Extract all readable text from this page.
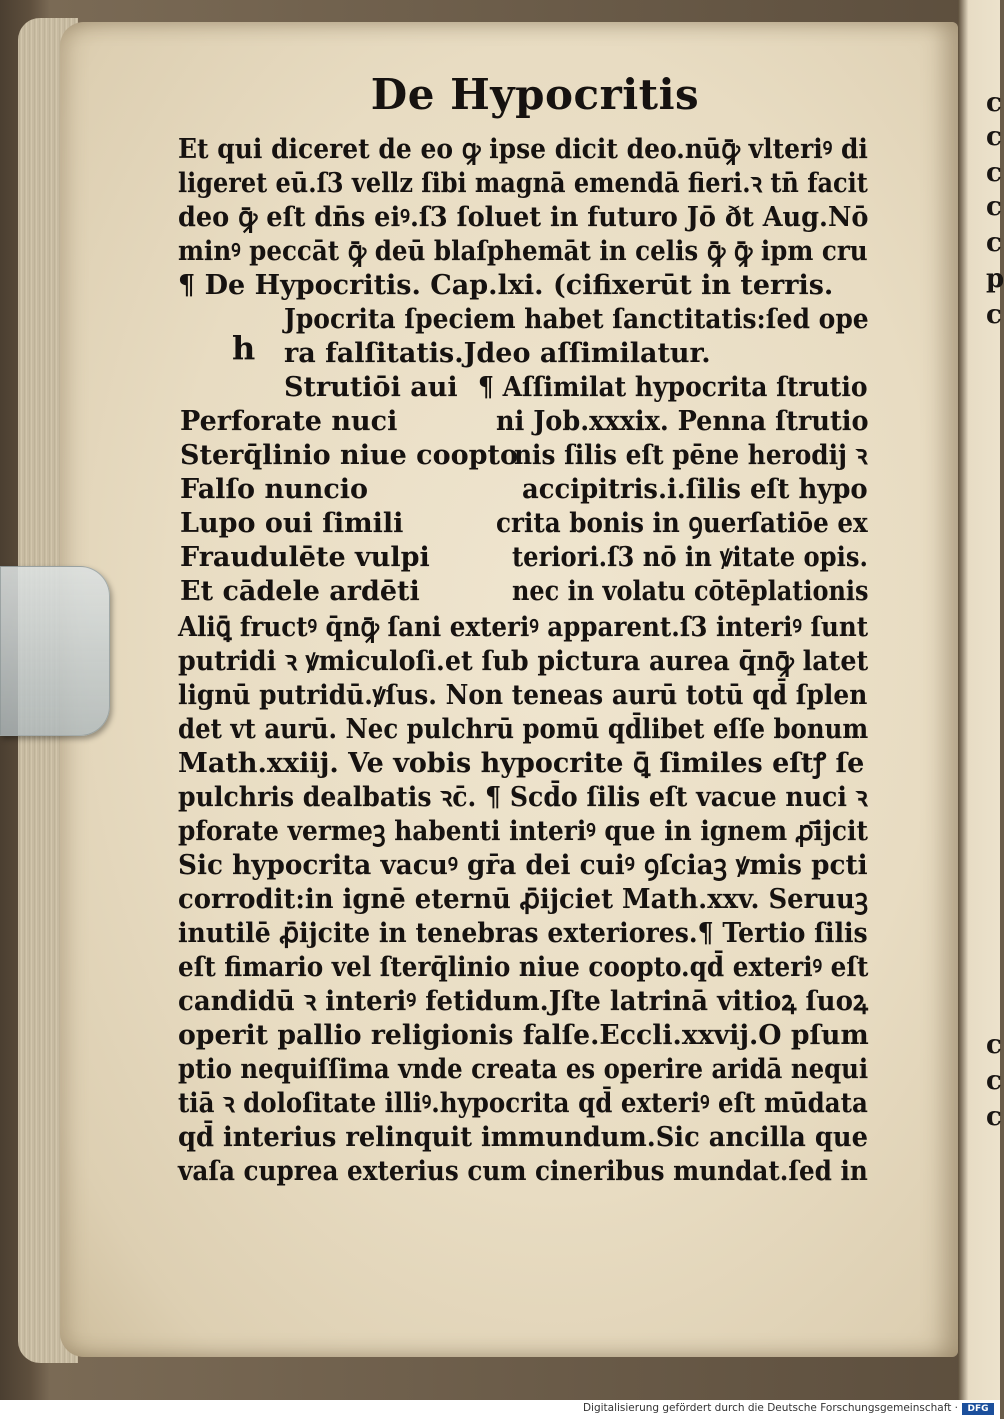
c
c
c
c
c
p
c
c
c
c
De Hypocritis
Et qui diceret de eo ꝙ ipse dicit deo.nūꝙ̄ vlteriꝰ di
ligeret eū.ſ3 vellz ſibi magnā emendā fieri.ꝛ tn̄ facit
deo ꝙ̄ eſt dn̄s eiꝰ.ſ3 ſoluet in futuro Jō ðt Aug.Nō
minꝰ peccāt ꝙ̄ deū blaſphemāt in celis ꝙ̄ ꝙ̄ ipm cru
¶ De Hypocritis. Cap.lxi. (cifixerūt in terris.
Jpocrita ſpeciem habet ſanctitatis:ſed ope
h ra falſitatis.Jdeo aſſimilatur.
Strutiōi aui
Perforate nuci
Sterq̄linio niue coopto
Falſo nuncio
Lupo oui ſimili
Fraudulēte vulpi
Et cādele ardēti
¶ Aſſimilat hypocrita ſtrutio
ni Job.xxxix. Penna ſtrutio
nis ſilis eſt pēne herodij ꝛ
accipitris.i.ſilis eſt hypo
crita bonis in ꝯuerſatiōe ex
teriori.ſ3 nō in ꝟitate opis.
nec in volatu cōtēplationis
Aliꝗ̄ fructꝰ q̄nꝙ̄ ſani exteriꝰ apparent.ſ3 interiꝰ ſunt
putridi ꝛ ꝟmiculoſi.et ſub pictura aurea q̄nꝙ̄ latet
lignū putridū.ꝟſus. Non teneas aurū totū qd̄ ſplen
det vt aurū. Nec pulchrū pomū qd̄libet eſſe bonum
Math.xxiij. Ve vobis hypocrite ꝗ̄ ſimiles eſtꝭ ſe
pulchris dealbatis ꝛc̄. ¶ Scd̄o ſilis eſt vacue nuci ꝛ
pforate vermeꝫ habenti interiꝰ que in ignem ꝓ̄ijcit
Sic hypocrita vacuꝰ gr̄a dei cuiꝰ ꝯſciaꝫ ꝟmis pcti
corrodit:in ignē eternū ꝓ̄ijciet Math.xxv. Seruuꝫ
inutilē ꝓ̄ijcite in tenebras exteriores.¶ Tertio ſilis
eſt fimario vel ſterq̄linio niue coopto.qd̄ exteriꝰ eſt
candidū ꝛ interiꝰ fetidum.Jſte latrinā vitioꝝ ſuoꝝ
operit pallio religionis falſe.Eccli.xxvij.O pſum
ptio nequiſſima vnde creata es operire aridā nequi
tiā ꝛ doloſitate illiꝰ.hypocrita qd̄ exteriꝰ eſt mūdata
qd̄ interius relinquit immundum.Sic ancilla que
vaſa cuprea exterius cum cineribus mundat.ſed in
Digitalisierung gefördert durch die Deutsche Forschungsgemeinschaft ·	DFG
